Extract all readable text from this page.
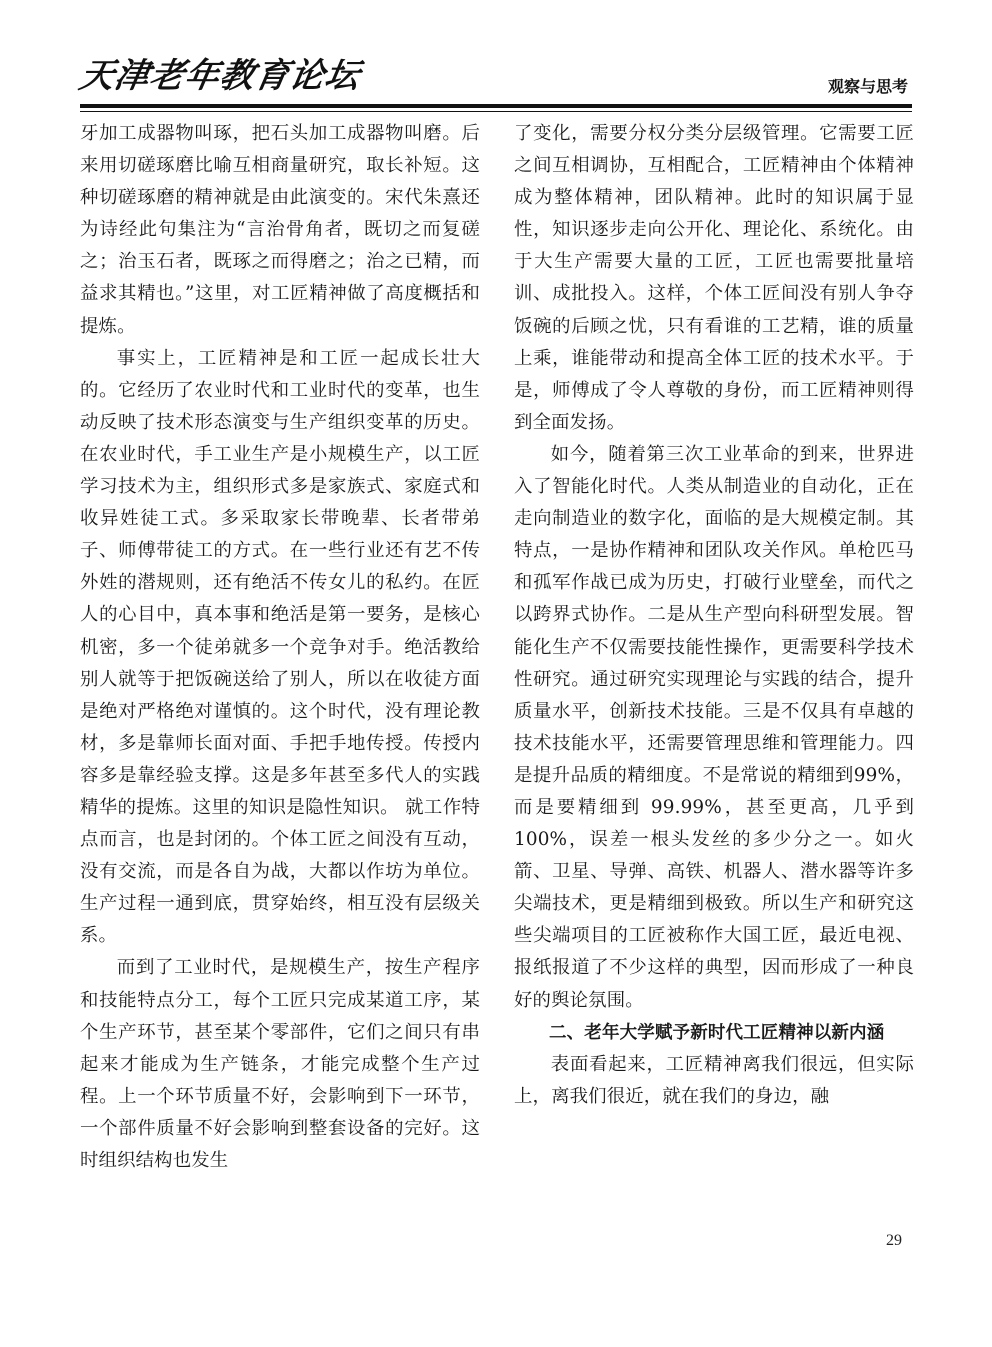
天津老年教育论坛	观察与思考

牙加工成器物叫琢，把石头加工成器物叫磨。后来用切磋琢磨比喻互相商量研究，取长补短。这种切磋琢磨的精神就是由此演变的。宋代朱熹还为诗经此句集注为“言治骨角者，既切之而复磋之；治玉石者，既琢之而得磨之；治之已精，而益求其精也。”这里，对工匠精神做了高度概括和提炼。

事实上，工匠精神是和工匠一起成长壮大的。它经历了农业时代和工业时代的变革，也生动反映了技术形态演变与生产组织变革的历史。在农业时代，手工业生产是小规模生产，以工匠学习技术为主，组织形式多是家族式、家庭式和收异姓徒工式。多采取家长带晚辈、长者带弟子、师傅带徒工的方式。在一些行业还有艺不传外姓的潜规则，还有绝活不传女儿的私约。在匠人的心目中，真本事和绝活是第一要务，是核心机密，多一个徒弟就多一个竞争对手。绝活教给别人就等于把饭碗送给了别人，所以在收徒方面是绝对严格绝对谨慎的。这个时代，没有理论教材，多是靠师长面对面、手把手地传授。传授内容多是靠经验支撑。这是多年甚至多代人的实践精华的提炼。这里的知识是隐性知识。 就工作特点而言，也是封闭的。个体工匠之间没有互动，没有交流，而是各自为战，大都以作坊为单位。生产过程一通到底，贯穿始终，相互没有层级关系。

而到了工业时代，是规模生产，按生产程序和技能特点分工，每个工匠只完成某道工序，某个生产环节，甚至某个零部件，它们之间只有串起来才能成为生产链条，才能完成整个生产过程。上一个环节质量不好，会影响到下一环节，一个部件质量不好会影响到整套设备的完好。这时组织结构也发生

了变化，需要分权分类分层级管理。它需要工匠之间互相调协，互相配合，工匠精神由个体精神成为整体精神，团队精神。此时的知识属于显性，知识逐步走向公开化、理论化、系统化。由于大生产需要大量的工匠，工匠也需要批量培训、成批投入。这样，个体工匠间没有别人争夺饭碗的后顾之忧，只有看谁的工艺精，谁的质量上乘，谁能带动和提高全体工匠的技术水平。于是，师傅成了令人尊敬的身份，而工匠精神则得到全面发扬。

如今，随着第三次工业革命的到来，世界进入了智能化时代。人类从制造业的自动化，正在走向制造业的数字化，面临的是大规模定制。其特点，一是协作精神和团队攻关作风。单枪匹马和孤军作战已成为历史，打破行业壁垒，而代之以跨界式协作。二是从生产型向科研型发展。智能化生产不仅需要技能性操作，更需要科学技术性研究。通过研究实现理论与实践的结合，提升质量水平，创新技术技能。三是不仅具有卓越的技术技能水平，还需要管理思维和管理能力。四是提升品质的精细度。不是常说的精细到99%，而是要精细到 99.99%，甚至更高，几乎到100%，误差一根头发丝的多少分之一。如火箭、卫星、导弹、高铁、机器人、潜水器等许多尖端技术，更是精细到极致。所以生产和研究这些尖端项目的工匠被称作大国工匠，最近电视、报纸报道了不少这样的典型，因而形成了一种良好的舆论氛围。

二、老年大学赋予新时代工匠精神以新内涵

表面看起来，工匠精神离我们很远，但实际上，离我们很近，就在我们的身边，融

29
